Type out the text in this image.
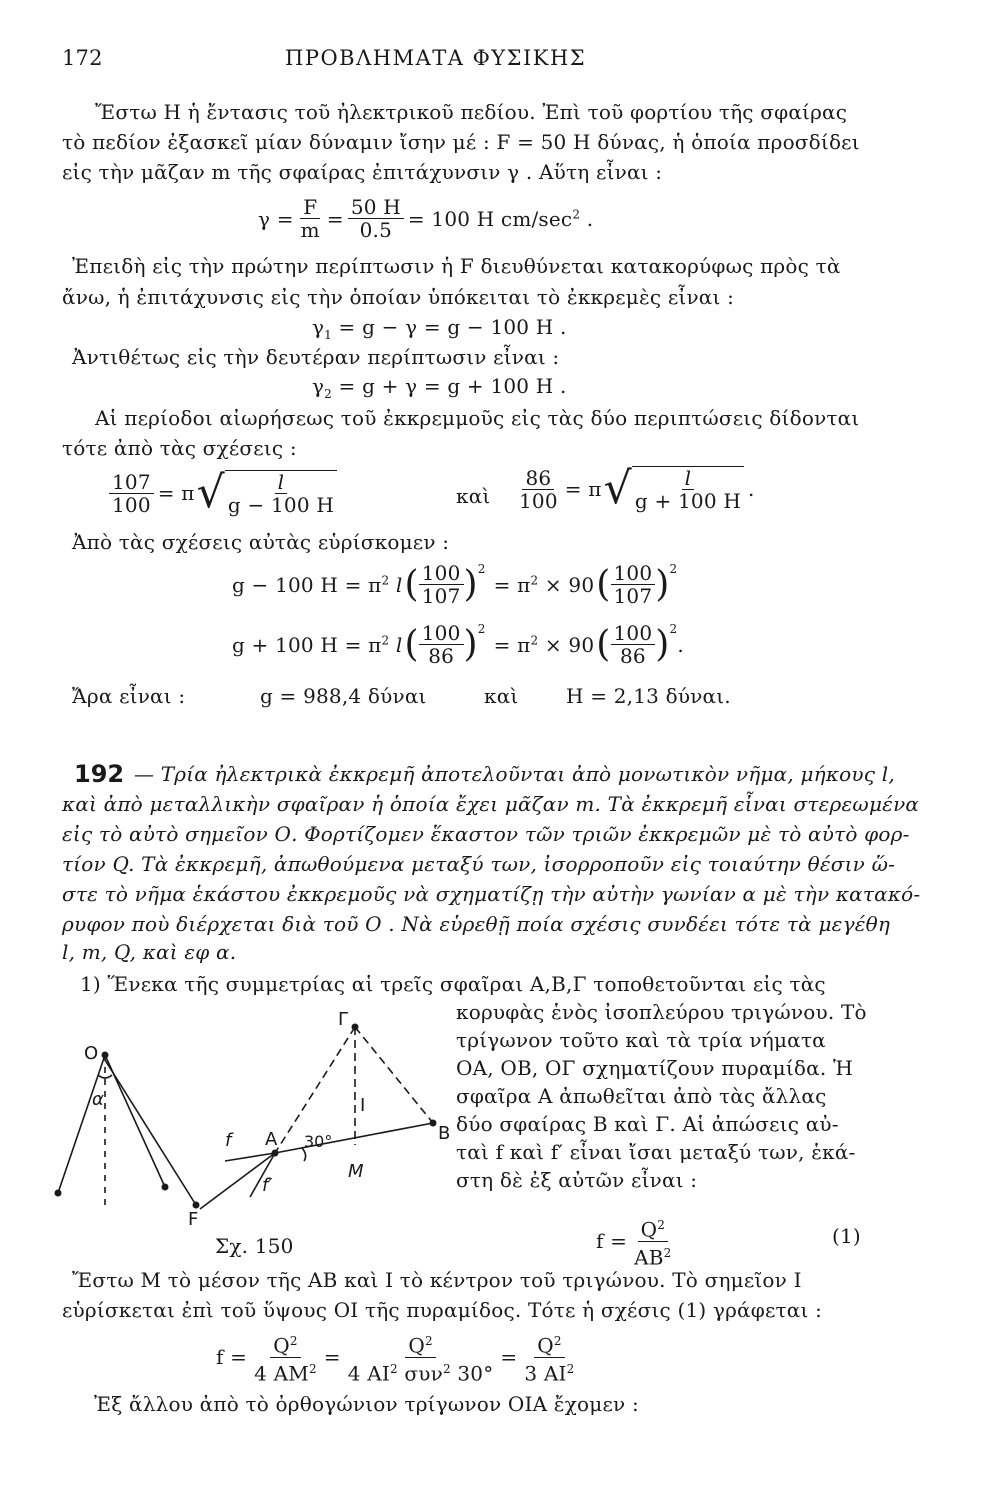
172	ΠΡΟΒΛΗΜΑΤΑ ΦΥΣΙΚΗΣ
Ἔστω Η ἡ ἔντασις τοῦ ἠλεκτρικοῦ πεδίου. Ἐπὶ τοῦ φορτίου τῆς σφαίρας
τὸ πεδίον ἐξασκεῖ μίαν δύναμιν ἴσην μέ : F = 50 Η δύνας, ἡ ὁποία προσδίδει
εἰς τὴν μᾶζαν m τῆς σφαίρας ἐπιτάχυνσιν γ . Αὕτη εἶναι :
$\gamma = \frac{F}{m} = \frac{50 H}{0.5} = 100$ Η $cm/\sec^2$ .
Ἐπειδὴ εἰς τὴν πρώτην περίπτωσιν ἡ F διευθύνεται κατακορύφως πρὸς τὰ
ἄνω, ἡ ἐπιτάχυνσις εἰς τὴν ὁποίαν ὑπόκειται τὸ ἐκκρεμὲς εἶναι :
$\gamma_1 = g - \gamma = g - 100$ Η .
Ἀντιθέτως εἰς τὴν δευτέραν περίπτωσιν εἶναι :
$\gamma_2 = g + \gamma = g + 100$ Η .
Αἱ περίοδοι αἰωρήσεως τοῦ ἐκκρεμμοῦς εἰς τὰς δύο περιπτώσεις δίδονται
τότε ἀπὸ τὰς σχέσεις :
$\frac{107}{100} = \pi$ √ $\frac{l}{g - 100 H}$	καὶ $\frac{86}{100} = \pi$ √ $\frac{l}{g + 100 H}$ .
Ἀπὸ τὰς σχέσεις αὐτὰς εὑρίσκομεν :
g − 100 $H = \pi^2$ l ( $\frac{100}{107} )^2$
= $\pi^2 \times 90$ ( $\frac{100}{107} )^2$
g + 100 $H = \pi^2$ l ( $\frac{100}{86} )^2$
= $\pi^2 \times 90$ ( $\frac{100}{86} )^2$
.
Ἄρα εἶναι :	g = 988,4 δύναι	καὶ H = 2,13 δύναι.
192 — Τρία ἠλεκτρικὰ ἐκκρεμῆ ἀποτελοῦνται ἀπὸ μονωτικὸν νῆμα, μήκους l,
καὶ ἀπὸ μεταλλικὴν σφαῖραν ἡ ὁποία ἔχει μᾶζαν m. Τὰ ἐκκρεμῆ εἶναι στερεωμένα
εἰς τὸ αὐτὸ σημεῖον Ο. Φορτίζομεν ἕκαστον τῶν τριῶν ἐκκρεμῶν μὲ τὸ αὐτὸ φορ-
τίον Q. Τὰ ἐκκρεμῆ, ἀπωθούμενα μεταξύ των, ἰσορροποῦν εἰς τοιαύτην θέσιν ὥ-
στε τὸ νῆμα ἑκάστου ἐκκρεμοῦς νὰ σχηματίζῃ τὴν αὐτὴν γωνίαν α μὲ τὴν κατακό-
ρυφον ποὺ διέρχεται διὰ τοῦ Ο . Νὰ εὑρεθῇ ποία σχέσις συνδέει τότε τὰ μεγέθη
l, m, Q, καὶ εφ α.
1) Ἕνεκα τῆς συμμετρίας αἱ τρεῖς σφαῖραι Α,Β,Γ τοποθετοῦνται εἰς τὰς
κορυφὰς ἑνὸς ἰσοπλεύρου τριγώνου. Τὸ
τρίγωνον τοῦτο καὶ τὰ τρία νήματα
ΟΑ, ΟΒ, ΟΓ σχηματίζουν πυραμίδα. Ἡ
σφαῖρα Α ἀπωθεῖται ἀπὸ τὰς ἄλλας
δύο σφαίρας Β καὶ Γ. Αἱ ἀπώσεις αὐ-
ταὶ f καὶ f′ εἶναι ἴσαι μεταξύ των, ἑκά-
στη δὲ ἐξ αὐτῶν εἶναι :
O
α
f A 30°
I
B
M
f′
F
Γ
Σχ. 150	$f = \frac{Q^2}{AB^2}$	(1)
Ἔστω Μ τὸ μέσον τῆς ΑΒ καὶ Ι τὸ κέντρον τοῦ τριγώνου. Τὸ σημεῖον Ι
εὑρίσκεται ἐπὶ τοῦ ὕψους ΟΙ τῆς πυραμίδος. Τότε ἡ σχέσις (1) γράφεται :
$f = \frac{Q^2}{4 AM^2} = \frac{Q^2}{4 AI^2 \sigma\upsilon\nu^2 30^\circ} = \frac{Q^2}{3 AI^2}$
Ἐξ ἄλλου ἀπὸ τὸ ὀρθογώνιον τρίγωνον ΟΙΑ ἔχομεν :
